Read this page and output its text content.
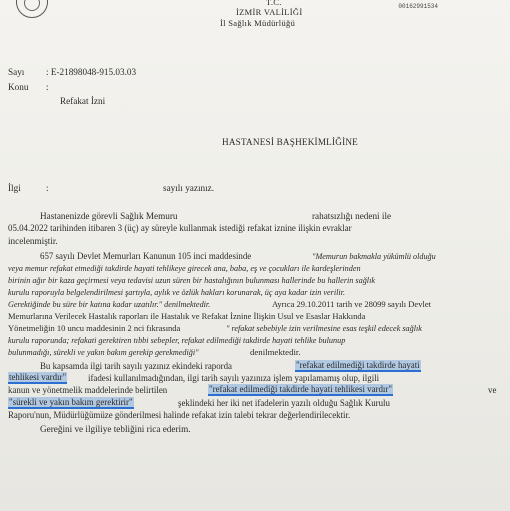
00162991534
T.C.
İZMİR VALİLİĞİ
İl Sağlık Müdürlüğü
Sayı : E-21898048-915.03.03
Konu :
Refakat İzni
HASTANESİ BAŞHEKİMLİĞİNE
İlgi	:	sayılı yazınız.
Hastanenizde görevli Sağlık Memuru	rahatsızlığı nedeni ile
05.04.2022 tarihinden itibaren 3 (üç) ay süreyle kullanmak istediği refakat iznine ilişkin evraklar
incelenmiştir.
657 sayılı Devlet Memurları Kanunun 105 inci maddesinde	"Memurun bakmakla yükümlü olduğu
veya memur refakat etmediği takdirde hayati tehlikeye girecek ana, baba, eş ve çocukları ile kardeşlerinden
birinin ağır bir kaza geçirmesi veya tedavisi uzun süren bir hastalığının bulunması hallerinde bu hallerin sağlık
kurulu raporuyla belgelendirilmesi şartıyla, aylık ve özlük hakları korunarak, üç aya kadar izin verilir.
Gerektiğinde bu süre bir katına kadar uzatılır." denilmektedir.	Ayrıca 29.10.2011 tarih ve 28099 sayılı Devlet
Memurlarına Verilecek Hastalık raporları ile Hastalık ve Refakat İznine İlişkin Usul ve Esaslar Hakkında
Yönetmeliğin 10 uncu maddesinin 2 nci fıkrasında	" refakat sebebiyle izin verilmesine esas teşkil edecek sağlık
kurulu raporunda; refakati gerektiren tıbbi sebepler, refakat edilmediği takdirde hayati tehlike bulunup
bulunmadığı, sürekli ve yakın bakım gerekip gerekmediği"	denilmektedir.
Bu kapsamda ilgi tarih sayılı yazınız ekindeki raporda	"refakat edilmediği takdirde hayati
tehlikesi vardır" ifadesi kullanılmadığından, ilgi tarih sayılı yazınıza işlem yapılamamış olup, ilgili
kanun ve yönetmelik maddelerinde belirtilen	"refakat edilmediği takdirde hayati tehlikesi vardır"	ve
"sürekli ve yakın bakım gerektirir"	şeklindeki her iki net ifadelerin yazılı olduğu Sağlık Kurulu
Raporu'nun, Müdürlüğümüze gönderilmesi halinde refakat izin talebi tekrar değerlendirilecektir.
Gereğini ve ilgiliye tebliğini rica ederim.
